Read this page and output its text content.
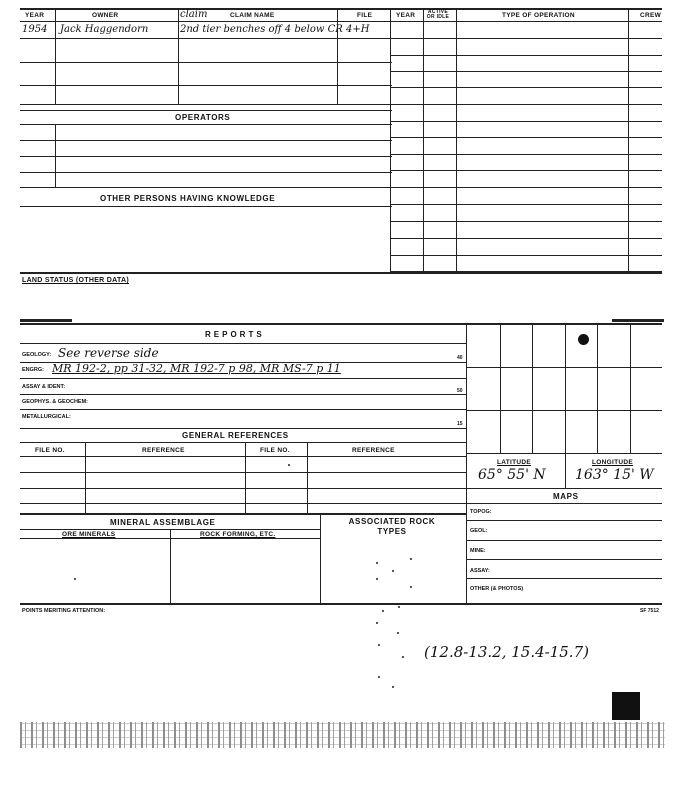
YEAR	OWNER	claim	CLAIM NAME	FILE	YEAR	ACTIVE OR IDLE	TYPE OF OPERATION	CREW
1954 Jack Haggendorn	2nd tier benches off 4 below CR 4+H
OPERATORS
OTHER PERSONS HAVING KNOWLEDGE
LAND STATUS (OTHER DATA)
REPORTS
GEOLOGY: See reverse side	40
ENGRG: MR 192-2, pp 31-32, MR 192-7 p 98, MR MS-7 p 11
ASSAY & IDENT:
50
GEOPHYS. & GEOCHEM:
METALLURGICAL:
15
GENERAL REFERENCES
FILE NO.	REFERENCE	FILE NO.	REFERENCE
MINERAL ASSEMBLAGE
ORE MINERALS	ROCK FORMING, ETC.
ASSOCIATED ROCK TYPES
LATITUDE	LONGITUDE
65° 55' N 163° 15' W
MAPS
TOPOG:
GEOL:
MINE:
ASSAY:
OTHER (& PHOTOS)
POINTS MERITING ATTENTION:	SF 7512
(12.8-13.2, 15.4-15.7)
